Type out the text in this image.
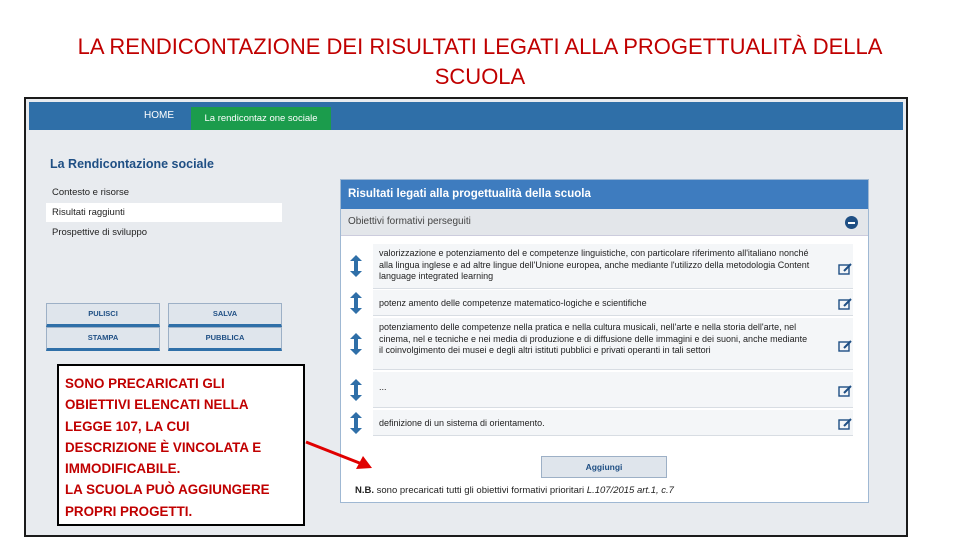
LA RENDICONTAZIONE DEI RISULTATI LEGATI ALLA PROGETTUALITÀ DELLA
SCUOLA
HOME	La rendicontaz one sociale
La Rendicontazione sociale
Contesto e risorse
Risultati raggiunti
Prospettive di sviluppo
PULISCI	SALVA
STAMPA	PUBBLICA
Risultati legati alla progettualità della scuola
Obiettivi formativi perseguiti
valorizzazione e potenziamento del e competenze linguistiche, con particolare riferimento all'italiano nonché alla lingua inglese e ad altre lingue dell'Unione europea, anche mediante l'utilizzo della metodologia Content language integrated learning
potenz amento delle competenze matematico-logiche e scientifiche
potenziamento delle competenze nella pratica e nella cultura musicali, nell'arte e nella storia dell'arte, nel cinema, nel e tecniche e nei media di produzione e di diffusione delle immagini e dei suoni, anche mediante il coinvolgimento dei musei e degli altri istituti pubblici e privati operanti in tali settori
...
definizione di un sistema di orientamento.
Aggiungi
N.B. sono precaricati tutti gli obiettivi formativi prioritari L.107/2015 art.1, c.7
SONO PRECARICATI GLI
OBIETTIVI ELENCATI NELLA
LEGGE 107, LA CUI
DESCRIZIONE È VINCOLATA E
IMMODIFICABILE.
LA SCUOLA PUÒ AGGIUNGERE
PROPRI PROGETTI.
